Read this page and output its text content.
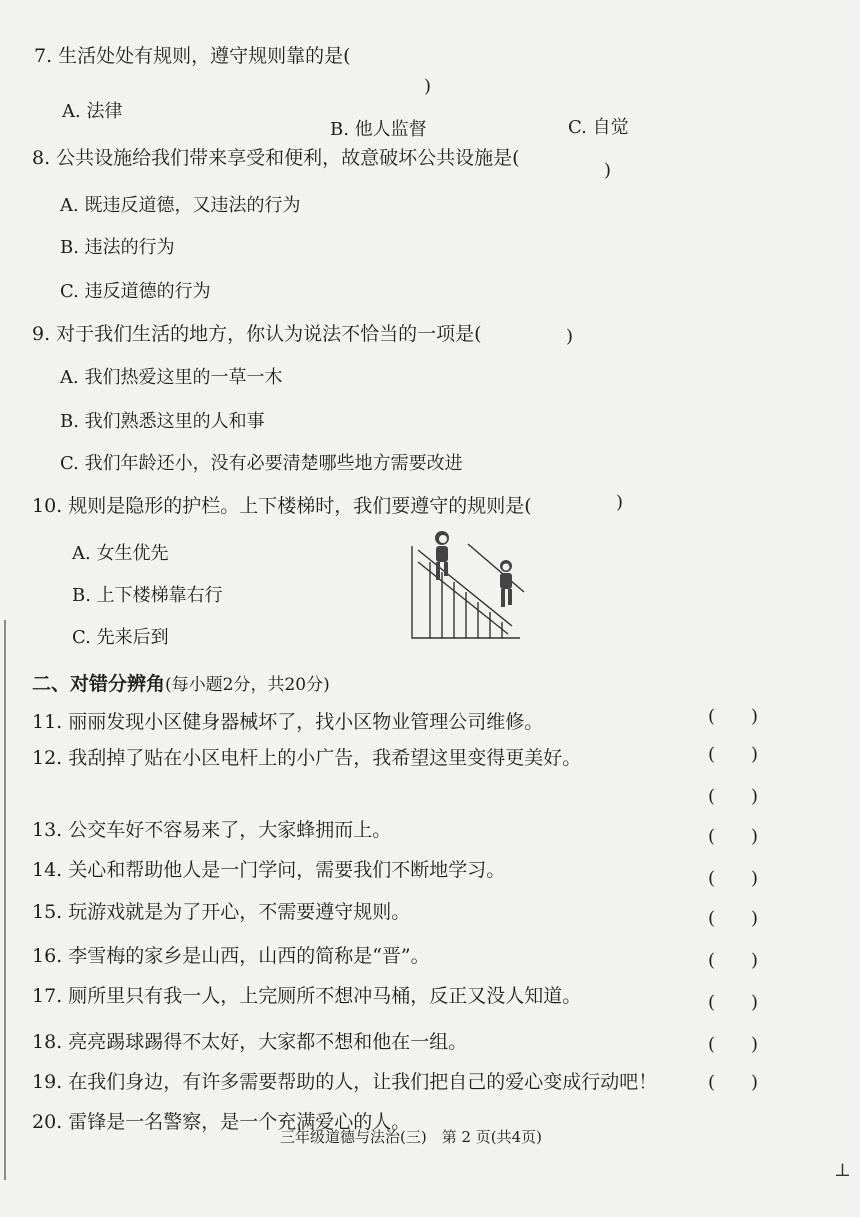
7. 生活处处有规则，遵守规则靠的是(
)
A. 法律
B. 他人监督	C. 自觉
8. 公共设施给我们带来享受和便利，故意破坏公共设施是(
)
A. 既违反道德，又违法的行为
B. 违法的行为
C. 违反道德的行为
9. 对于我们生活的地方，你认为说法不恰当的一项是(	)
A. 我们热爱这里的一草一木
B. 我们熟悉这里的人和事
C. 我们年龄还小，没有必要清楚哪些地方需要改进
10. 规则是隐形的护栏。上下楼梯时，我们要遵守的规则是(	)
A. 女生优先
B. 上下楼梯靠右行
C. 先来后到
二、对错分辨角(每小题2分，共20分)
11. 丽丽发现小区健身器械坏了，找小区物业管理公司维修。	(　　)
12. 我刮掉了贴在小区电杆上的小广告，我希望这里变得更美好。	(　　)
13. 公交车好不容易来了，大家蜂拥而上。
(　　)
14. 关心和帮助他人是一门学问，需要我们不断地学习。
(　　)
15. 玩游戏就是为了开心，不需要遵守规则。
(　　)
16. 李雪梅的家乡是山西，山西的简称是“晋”。
(　　)
17. 厕所里只有我一人，上完厕所不想冲马桶，反正又没人知道。
(　　)
18. 亮亮踢球踢得不太好，大家都不想和他在一组。
(　　)
19. 在我们身边，有许多需要帮助的人，让我们把自己的爱心变成行动吧！
(　　)
20. 雷锋是一名警察，是一个充满爱心的人。
(　　)
三年级道德与法治(三)　第 2 页(共4页)
⊥
